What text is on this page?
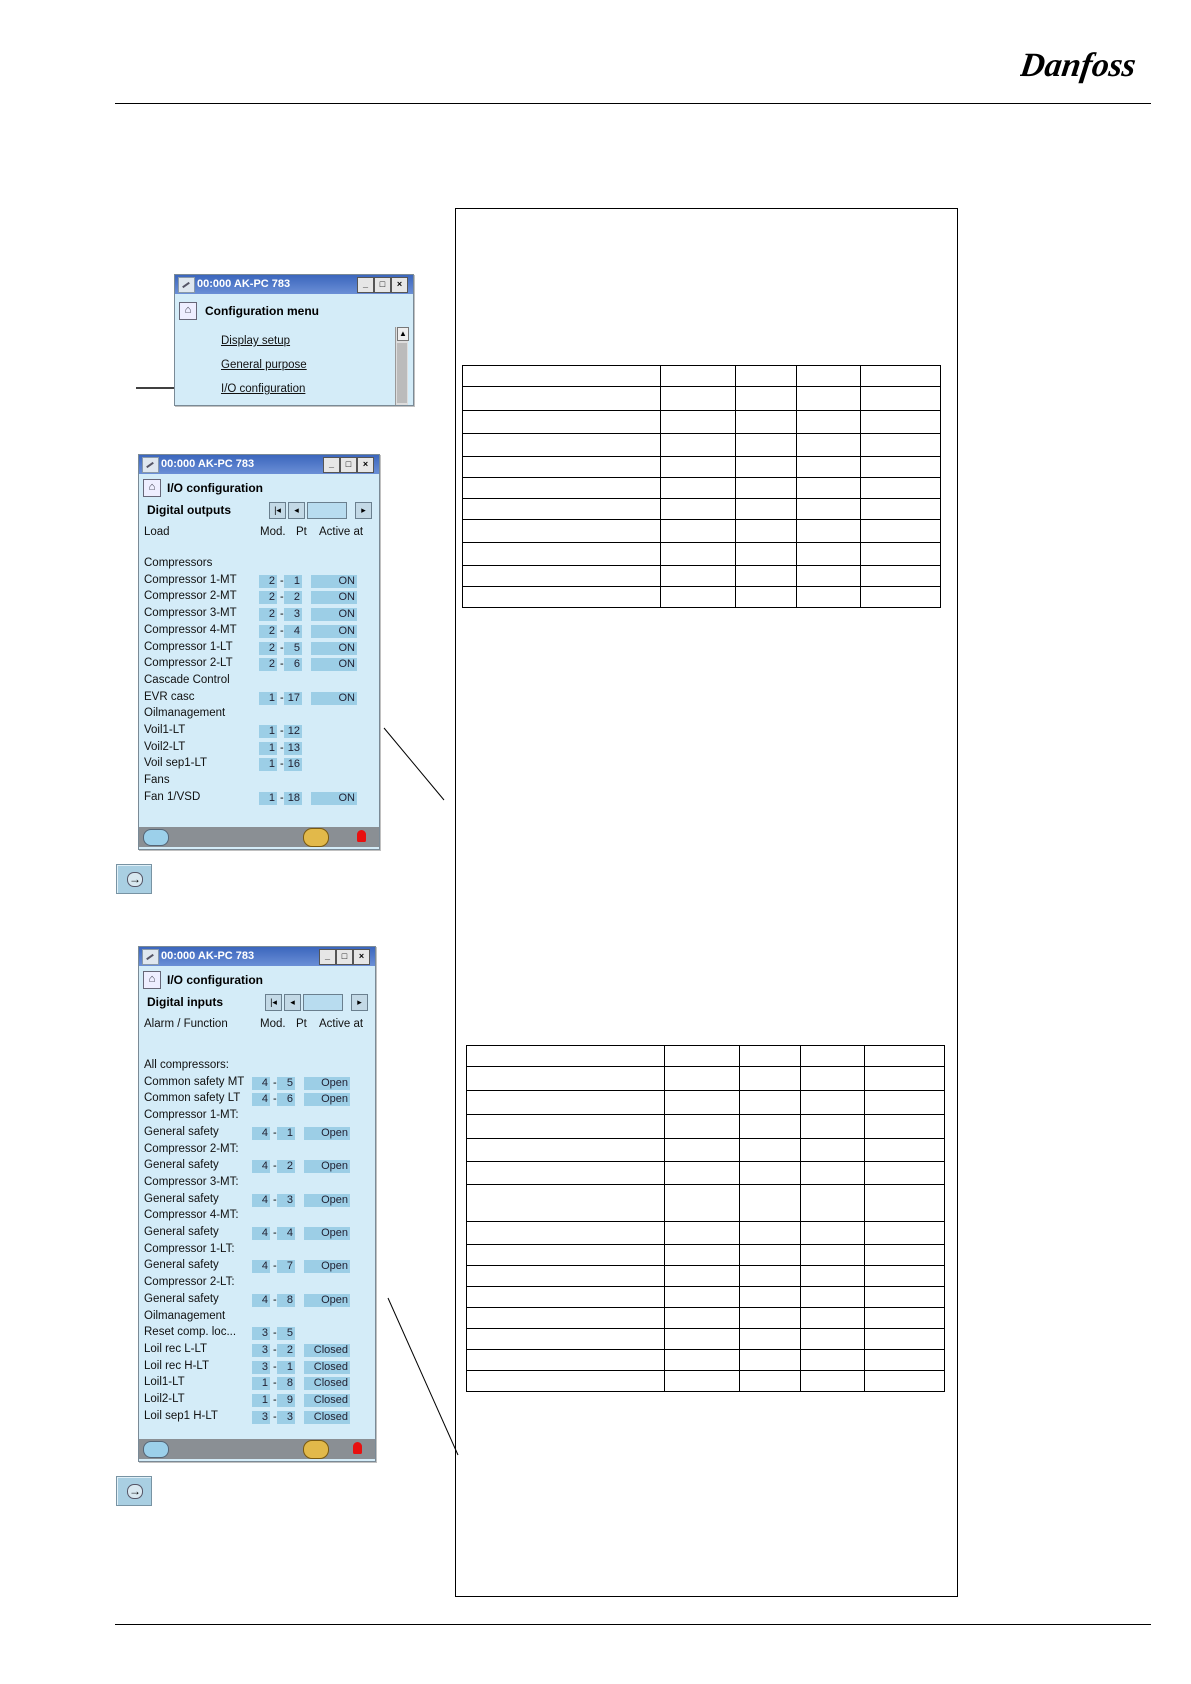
Danfoss
00:000 AK-PC 783	_	□	×
⌂	Configuration menu
Display setup
General purpose
I/O configuration
▲
00:000 AK-PC 783	_	□	×
⌂ I/O configuration
Digital outputs	|◂	◂	▸
Load	Mod. Pt Active at
Compressors
Compressor 1-MT	2 - 1	ON
Compressor 2-MT	2 - 2	ON
Compressor 3-MT	2 - 3	ON
Compressor 4-MT	2 - 4	ON
Compressor 1-LT	2 - 5	ON
Compressor 2-LT	2 - 6	ON
Cascade Control
EVR casc	1 - 17	ON
Oilmanagement
Voil1-LT	1 - 12
Voil2-LT	1 - 13
Voil sep1-LT	1 - 16
Fans
Fan 1/VSD	1 - 18	ON
→
00:000 AK-PC 783	_	□	×
⌂ I/O configuration
Digital inputs	|◂	◂	▸
Alarm / Function	Mod. Pt Active at
All compressors:
Common safety MT	4 - 5	Open
Common safety LT	4 - 6	Open
Compressor 1-MT:
General safety	4 - 1	Open
Compressor 2-MT:
General safety	4 - 2	Open
Compressor 3-MT:
General safety	4 - 3	Open
Compressor 4-MT:
General safety	4 - 4	Open
Compressor 1-LT:
General safety	4 - 7	Open
Compressor 2-LT:
General safety	4 - 8	Open
Oilmanagement
Reset comp. loc...	3 - 5
Loil rec L-LT	3 - 2	Closed
Loil rec H-LT	3 - 1	Closed
Loil1-LT	1 - 8	Closed
Loil2-LT	1 - 9	Closed
Loil sep1 H-LT	3 - 3	Closed
→
